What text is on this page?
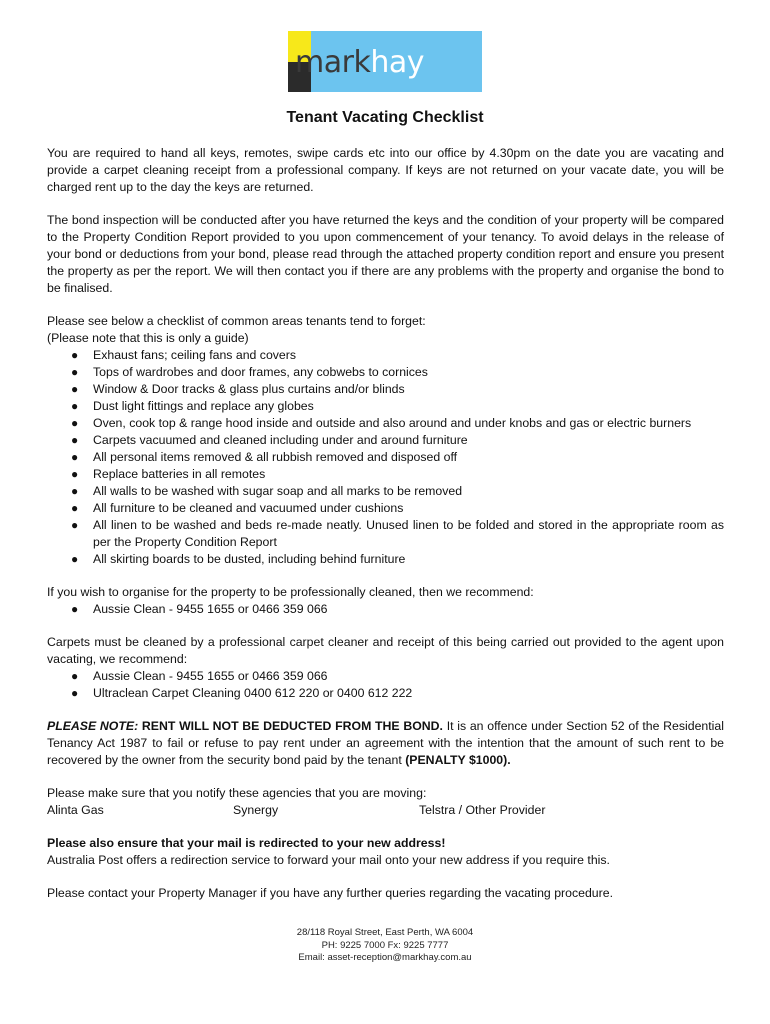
markhay
Tenant Vacating Checklist

You are required to hand all keys, remotes, swipe cards etc into our office by 4.30pm on the date you are vacating and provide a carpet cleaning receipt from a professional company. If keys are not returned on your vacate date, you will be charged rent up to the day the keys are returned.

The bond inspection will be conducted after you have returned the keys and the condition of your property will be compared to the Property Condition Report provided to you upon commencement of your tenancy. To avoid delays in the release of your bond or deductions from your bond, please read through the attached property condition report and ensure you present the property as per the report. We will then contact you if there are any problems with the property and organise the bond to be finalised.

Please see below a checklist of common areas tenants tend to forget:

(Please note that this is only a guide)

● Exhaust fans; ceiling fans and covers
● Tops of wardrobes and door frames, any cobwebs to cornices
● Window & Door tracks & glass plus curtains and/or blinds
● Dust light fittings and replace any globes
● Oven, cook top & range hood inside and outside and also around and under knobs and gas or electric burners
● Carpets vacuumed and cleaned including under and around furniture
● All personal items removed & all rubbish removed and disposed off
● Replace batteries in all remotes
● All walls to be washed with sugar soap and all marks to be removed
● All furniture to be cleaned and vacuumed under cushions
● All linen to be washed and beds re-made neatly. Unused linen to be folded and stored in the appropriate room as per the Property Condition Report
● All skirting boards to be dusted, including behind furniture

If you wish to organise for the property to be professionally cleaned, then we recommend:

● Aussie Clean - 9455 1655 or 0466 359 066

Carpets must be cleaned by a professional carpet cleaner and receipt of this being carried out provided to the agent upon vacating, we recommend:

● Aussie Clean - 9455 1655 or 0466 359 066
● Ultraclean Carpet Cleaning 0400 612 220 or 0400 612 222

PLEASE NOTE: RENT WILL NOT BE DEDUCTED FROM THE BOND. It is an offence under Section 52 of the Residential Tenancy Act 1987 to fail or refuse to pay rent under an agreement with the intention that the amount of such rent to be recovered by the owner from the security bond paid by the tenant (PENALTY $1000).

Please make sure that you notify these agencies that you are moving:

Alinta Gas	Synergy	Telstra / Other Provider

Please also ensure that your mail is redirected to your new address!

Australia Post offers a redirection service to forward your mail onto your new address if you require this.

Please contact your Property Manager if you have any further queries regarding the vacating procedure.

28/118 Royal Street, East Perth, WA 6004
PH: 9225 7000 Fx: 9225 7777
Email: asset-reception@markhay.com.au
